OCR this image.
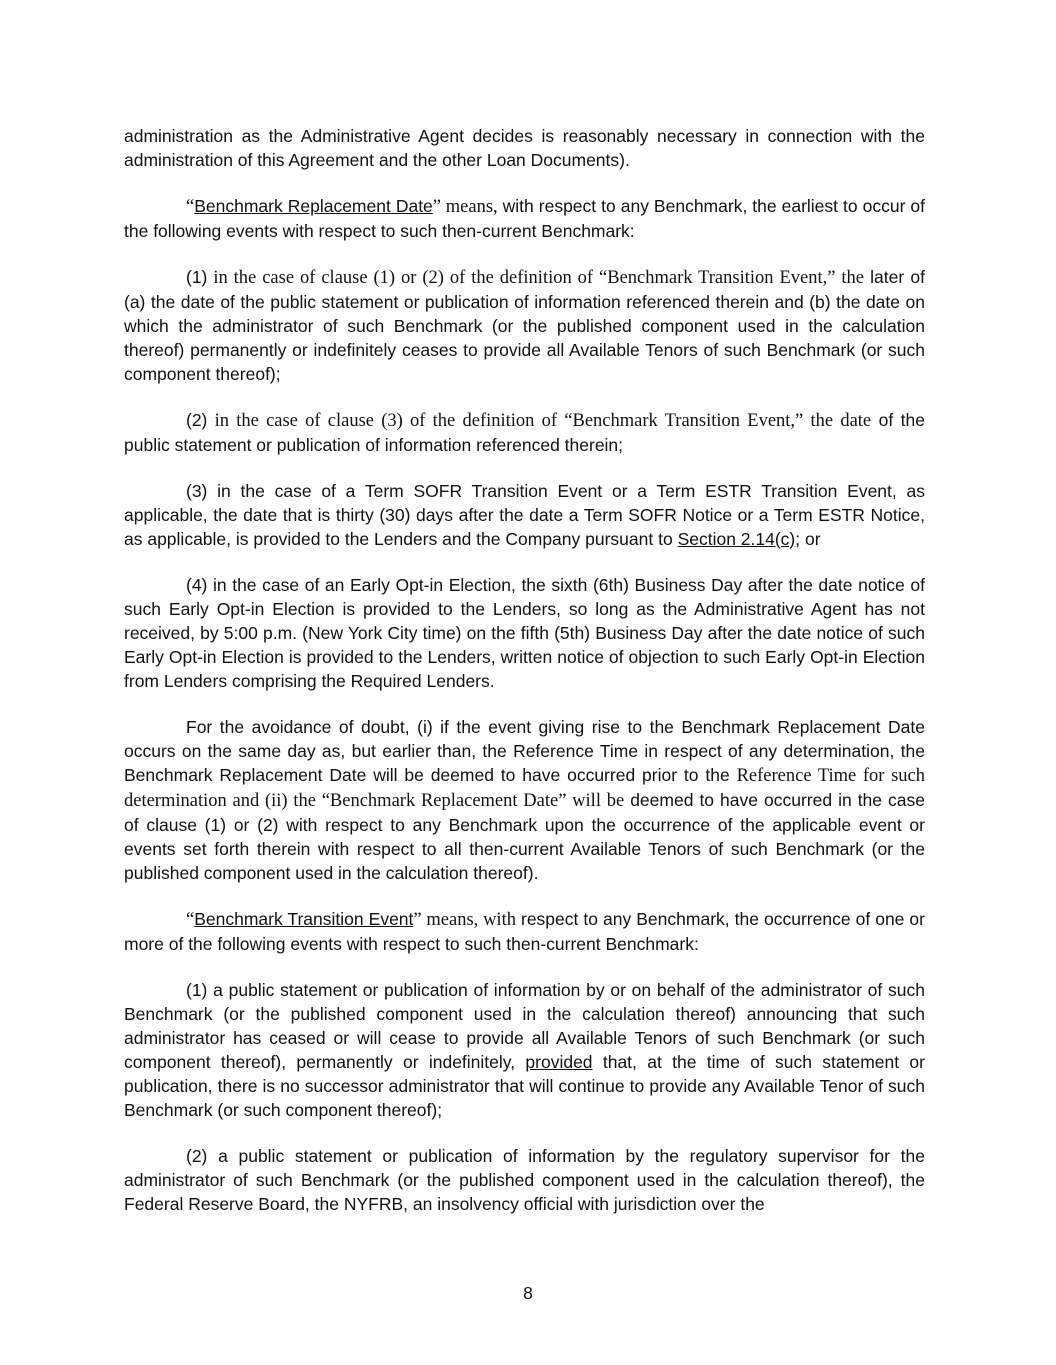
administration as the Administrative Agent decides is reasonably necessary in connection with the administration of this Agreement and the other Loan Documents).

“Benchmark Replacement Date” means, with respect to any Benchmark, the earliest to occur of the following events with respect to such then-current Benchmark:

(1) in the case of clause (1) or (2) of the definition of “Benchmark Transition Event,” the later of (a) the date of the public statement or publication of information referenced therein and (b) the date on which the administrator of such Benchmark (or the published component used in the calculation thereof) permanently or indefinitely ceases to provide all Available Tenors of such Benchmark (or such component thereof);

(2) in the case of clause (3) of the definition of “Benchmark Transition Event,” the date of the public statement or publication of information referenced therein;

(3) in the case of a Term SOFR Transition Event or a Term ESTR Transition Event, as applicable, the date that is thirty (30) days after the date a Term SOFR Notice or a Term ESTR Notice, as applicable, is provided to the Lenders and the Company pursuant to Section 2.14(c); or

(4) in the case of an Early Opt-in Election, the sixth (6th) Business Day after the date notice of such Early Opt-in Election is provided to the Lenders, so long as the Administrative Agent has not received, by 5:00 p.m. (New York City time) on the fifth (5th) Business Day after the date notice of such Early Opt-in Election is provided to the Lenders, written notice of objection to such Early Opt-in Election from Lenders comprising the Required Lenders.

For the avoidance of doubt, (i) if the event giving rise to the Benchmark Replacement Date occurs on the same day as, but earlier than, the Reference Time in respect of any determination, the Benchmark Replacement Date will be deemed to have occurred prior to the Reference Time for such determination and (ii) the “Benchmark Replacement Date” will be deemed to have occurred in the case of clause (1) or (2) with respect to any Benchmark upon the occurrence of the applicable event or events set forth therein with respect to all then-current Available Tenors of such Benchmark (or the published component used in the calculation thereof).

“Benchmark Transition Event” means, with respect to any Benchmark, the occurrence of one or more of the following events with respect to such then-current Benchmark:

(1) a public statement or publication of information by or on behalf of the administrator of such Benchmark (or the published component used in the calculation thereof) announcing that such administrator has ceased or will cease to provide all Available Tenors of such Benchmark (or such component thereof), permanently or indefinitely, provided that, at the time of such statement or publication, there is no successor administrator that will continue to provide any Available Tenor of such Benchmark (or such component thereof);

(2) a public statement or publication of information by the regulatory supervisor for the administrator of such Benchmark (or the published component used in the calculation thereof), the Federal Reserve Board, the NYFRB, an insolvency official with jurisdiction over the

8
